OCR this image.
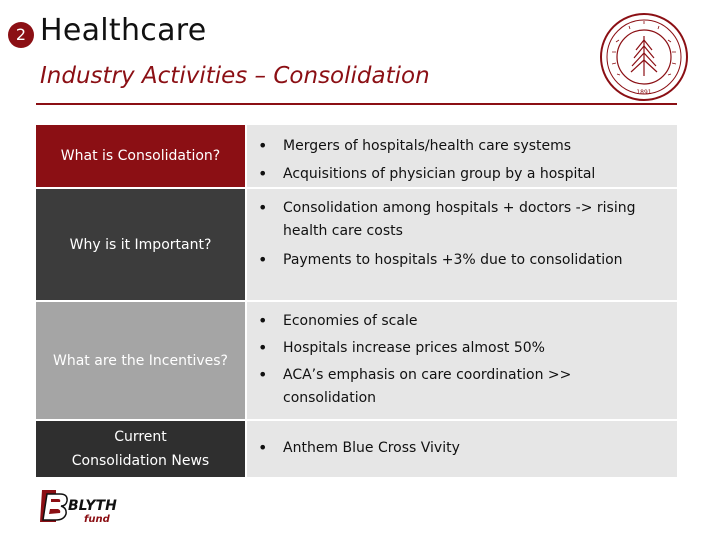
2 Healthcare
Industry Activities – Consolidation
1891
What is Consolidation?
• Mergers of hospitals/health care systems
• Acquisitions of physician group by a hospital
Why is it Important?
• Consolidation among hospitals + doctors -> rising health care costs
• Payments to hospitals +3% due to consolidation
What are the Incentives?
• Economies of scale
• Hospitals increase prices almost 50%
• ACA’s emphasis on care coordination >> consolidation
Current Consolidation News
• Anthem Blue Cross Vivity
BLYTH
fund
